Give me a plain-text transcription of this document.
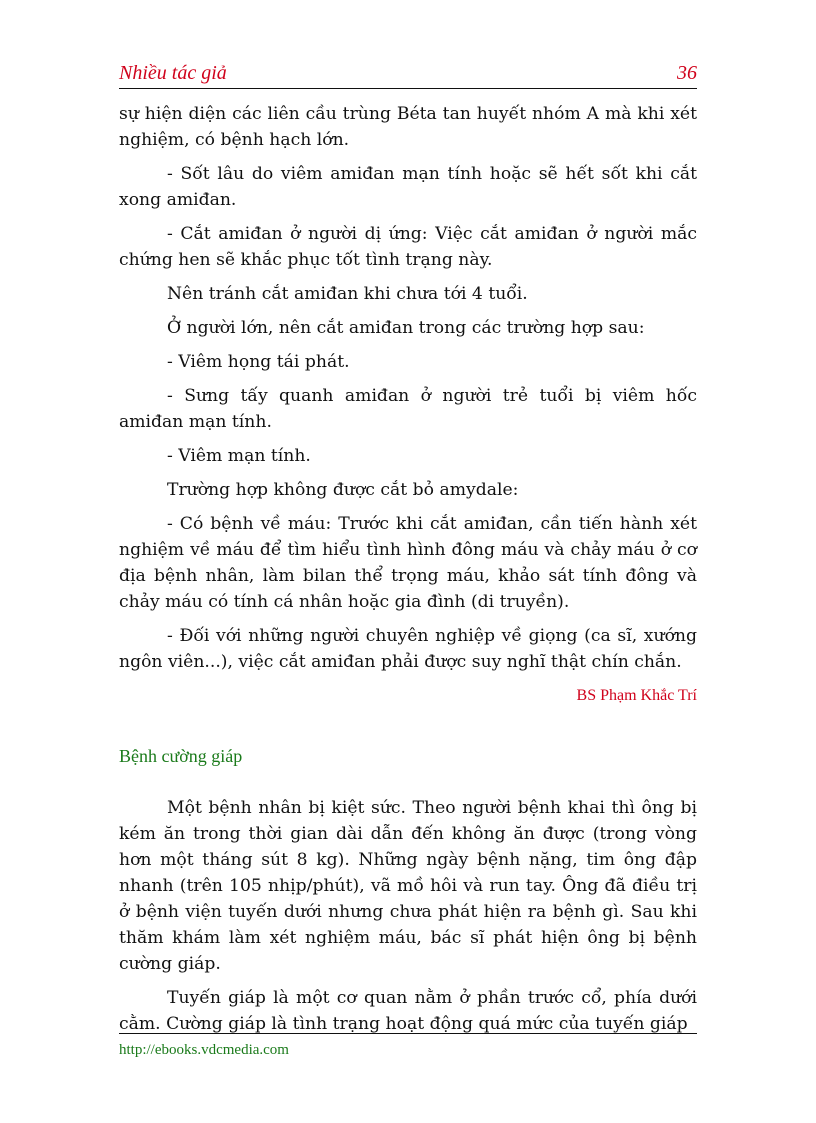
Nhiều tác giả	36

sự hiện diện các liên cầu trùng Béta tan huyết nhóm A mà khi xét nghiệm, có bệnh hạch lớn.

- Sốt lâu do viêm amiđan mạn tính hoặc sẽ hết sốt khi cắt xong amiđan.

- Cắt amiđan ở người dị ứng: Việc cắt amiđan ở người mắc chứng hen sẽ khắc phục tốt tình trạng này.

Nên tránh cắt amiđan khi chưa tới 4 tuổi.

Ở người lớn, nên cắt amiđan trong các trường hợp sau:

- Viêm họng tái phát.

- Sưng tấy quanh amiđan ở người trẻ tuổi bị viêm hốc amiđan mạn tính.

- Viêm mạn tính.

Trường hợp không được cắt bỏ amydale:

- Có bệnh về máu: Trước khi cắt amiđan, cần tiến hành xét nghiệm về máu để tìm hiểu tình hình đông máu và chảy máu ở cơ địa bệnh nhân, làm bilan thể trọng máu, khảo sát tính đông và chảy máu có tính cá nhân hoặc gia đình (di truyền).

- Đối với những người chuyên nghiệp về giọng (ca sĩ, xướng ngôn viên...), việc cắt amiđan phải được suy nghĩ thật chín chắn.

BS Phạm Khắc Trí
Bệnh cường giáp

Một bệnh nhân bị kiệt sức. Theo người bệnh khai thì ông bị kém ăn trong thời gian dài dẫn đến không ăn được (trong vòng hơn một tháng sút 8 kg). Những ngày bệnh nặng, tim ông đập nhanh (trên 105 nhịp/phút), vã mồ hôi và run tay. Ông đã điều trị ở bệnh viện tuyến dưới nhưng chưa phát hiện ra bệnh gì. Sau khi thăm khám làm xét nghiệm máu, bác sĩ phát hiện ông bị bệnh cường giáp.

Tuyến giáp là một cơ quan nằm ở phần trước cổ, phía dưới cằm. Cường giáp là tình trạng hoạt động quá mức của tuyến giáp

http://ebooks.vdcmedia.com
